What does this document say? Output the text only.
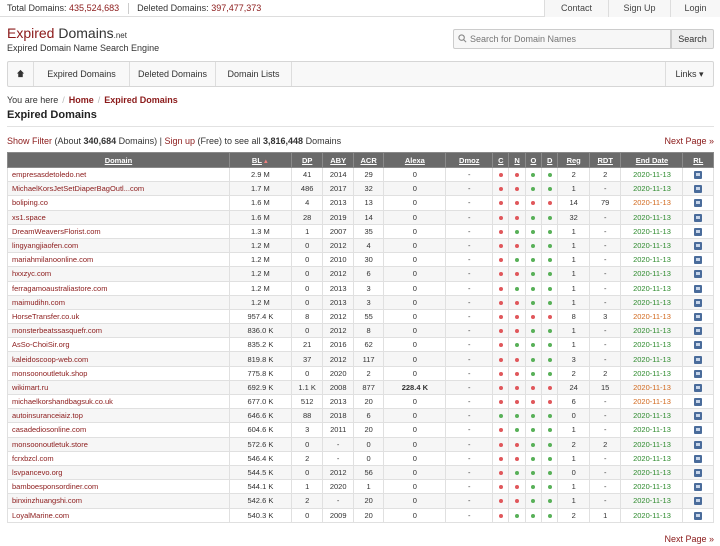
Total Domains: 435,524,683 Deleted Domains: 397,477,373	Contact	Sign Up	Login
Expired Domains.net
Expired Domain Name Search Engine
Search for Domain Names
Search
Expired Domains	Deleted Domains	Domain Lists	Links ▾
You are here / Home / Expired Domains
Expired Domains
Show Filter (About 340,684 Domains) | Sign up (Free) to see all 3,816,448 Domains	Next Page »
Domain	BL▲	DP	ABY	ACR	Alexa	Dmoz	C	N	O	D	Reg	RDT	End Date	RL
empresasdetoledo.net	2.9 M	41	2014	29	0	-					2	2	2020-11-13	
MichaelKorsJetSetDiaperBagOutl...com	1.7 M	486	2017	32	0	-					1	-	2020-11-13	
boliping.co	1.6 M	4	2013	13	0	-					14	79	2020-11-13	
xs1.space	1.6 M	28	2019	14	0	-					32	-	2020-11-13	
DreamWeaversFlorist.com	1.3 M	1	2007	35	0	-					1	-	2020-11-13	
lingyangjiaofen.com	1.2 M	0	2012	4	0	-					1	-	2020-11-13	
mariahmilanoonline.com	1.2 M	0	2010	30	0	-					1	-	2020-11-13	
hxxzyc.com	1.2 M	0	2012	6	0	-					1	-	2020-11-13	
ferragamoaustraliastore.com	1.2 M	0	2013	3	0	-					1	-	2020-11-13	
maimudihn.com	1.2 M	0	2013	3	0	-					1	-	2020-11-13	
HorseTransfer.co.uk	957.4 K	8	2012	55	0	-					8	3	2020-11-13	
monsterbeatssasquefr.com	836.0 K	0	2012	8	0	-					1	-	2020-11-13	
AsSo-ChoiSir.org	835.2 K	21	2016	62	0	-					1	-	2020-11-13	
kaleidoscoop-web.com	819.8 K	37	2012	117	0	-					3	-	2020-11-13	
monsoonoutletuk.shop	775.8 K	0	2020	2	0	-					2	2	2020-11-13	
wikimart.ru	692.9 K	1.1 K	2008	877	228.4 K	-					24	15	2020-11-13	
michaelkorshandbagsuk.co.uk	677.0 K	512	2013	20	0	-					6	-	2020-11-13	
autoinsuranceiaiz.top	646.6 K	88	2018	6	0	-					0	-	2020-11-13	
casadediosonline.com	604.6 K	3	2011	20	0	-					1	-	2020-11-13	
monsoonoutletuk.store	572.6 K	0	-	0	0	-					2	2	2020-11-13	
fcrxbzcl.com	546.4 K	2	-	0	0	-					1	-	2020-11-13	
lsvpancevo.org	544.5 K	0	2012	56	0	-					0	-	2020-11-13	
bamboesponsordiner.com	544.1 K	1	2020	1	0	-					1	-	2020-11-13	
binxinzhuangshi.com	542.6 K	2	-	20	0	-					1	-	2020-11-13	
LoyalMarine.com	540.3 K	0	2009	20	0	-					2	1	2020-11-13	
Next Page »
